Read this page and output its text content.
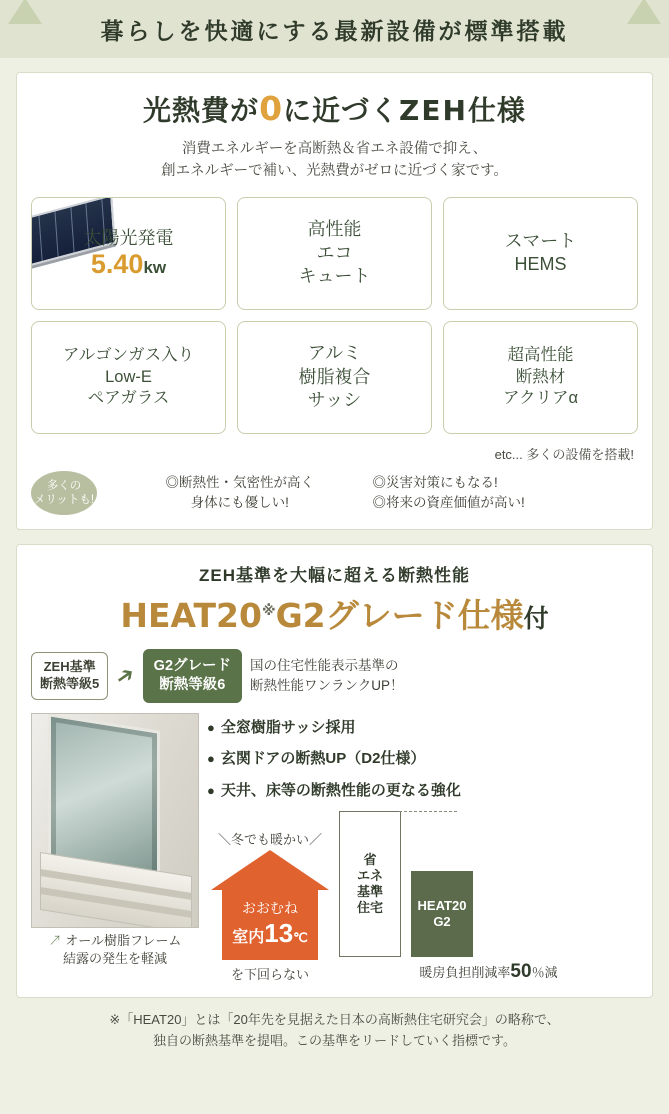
暮らしを快適にする最新設備が標準搭載
光熱費が0に近づくZEH仕様
消費エネルギーを高断熱＆省エネ設備で抑え、
創エネルギーで補い、光熱費がゼロに近づく家です。
太陽光発電
5.40kw
高性能
エコ
キュート
スマート
HEMS
アルゴンガス入り
Low-E
ペアガラス
アルミ
樹脂複合
サッシ
超高性能
断熱材
アクリアα
etc... 多くの設備を搭載!
多くの
メリットも!
◎断熱性・気密性が高く
身体にも優しい!
◎災害対策にもなる!
◎将来の資産価値が高い!
ZEH基準を大幅に超える断熱性能
HEAT20※G2グレード仕様付
ZEH基準
断熱等級5 ➔ G2グレード
断熱等級6
国の住宅性能表示基準の
断熱性能ワンランクUP！
↗ オール樹脂フレーム
結露の発生を軽減
● 全窓樹脂サッシ採用
● 玄関ドアの断熱UP（D2仕様）
● 天井、床等の断熱性能の更なる強化
＼冬でも暖かい／
おおむね
室内13℃
を下回らない
省
エネ
基準
住宅	HEAT20
G2
暖房負担削減率50％減
※「HEAT20」とは「20年先を見据えた日本の高断熱住宅研究会」の略称で、
独自の断熱基準を提唱。この基準をリードしていく指標です。
